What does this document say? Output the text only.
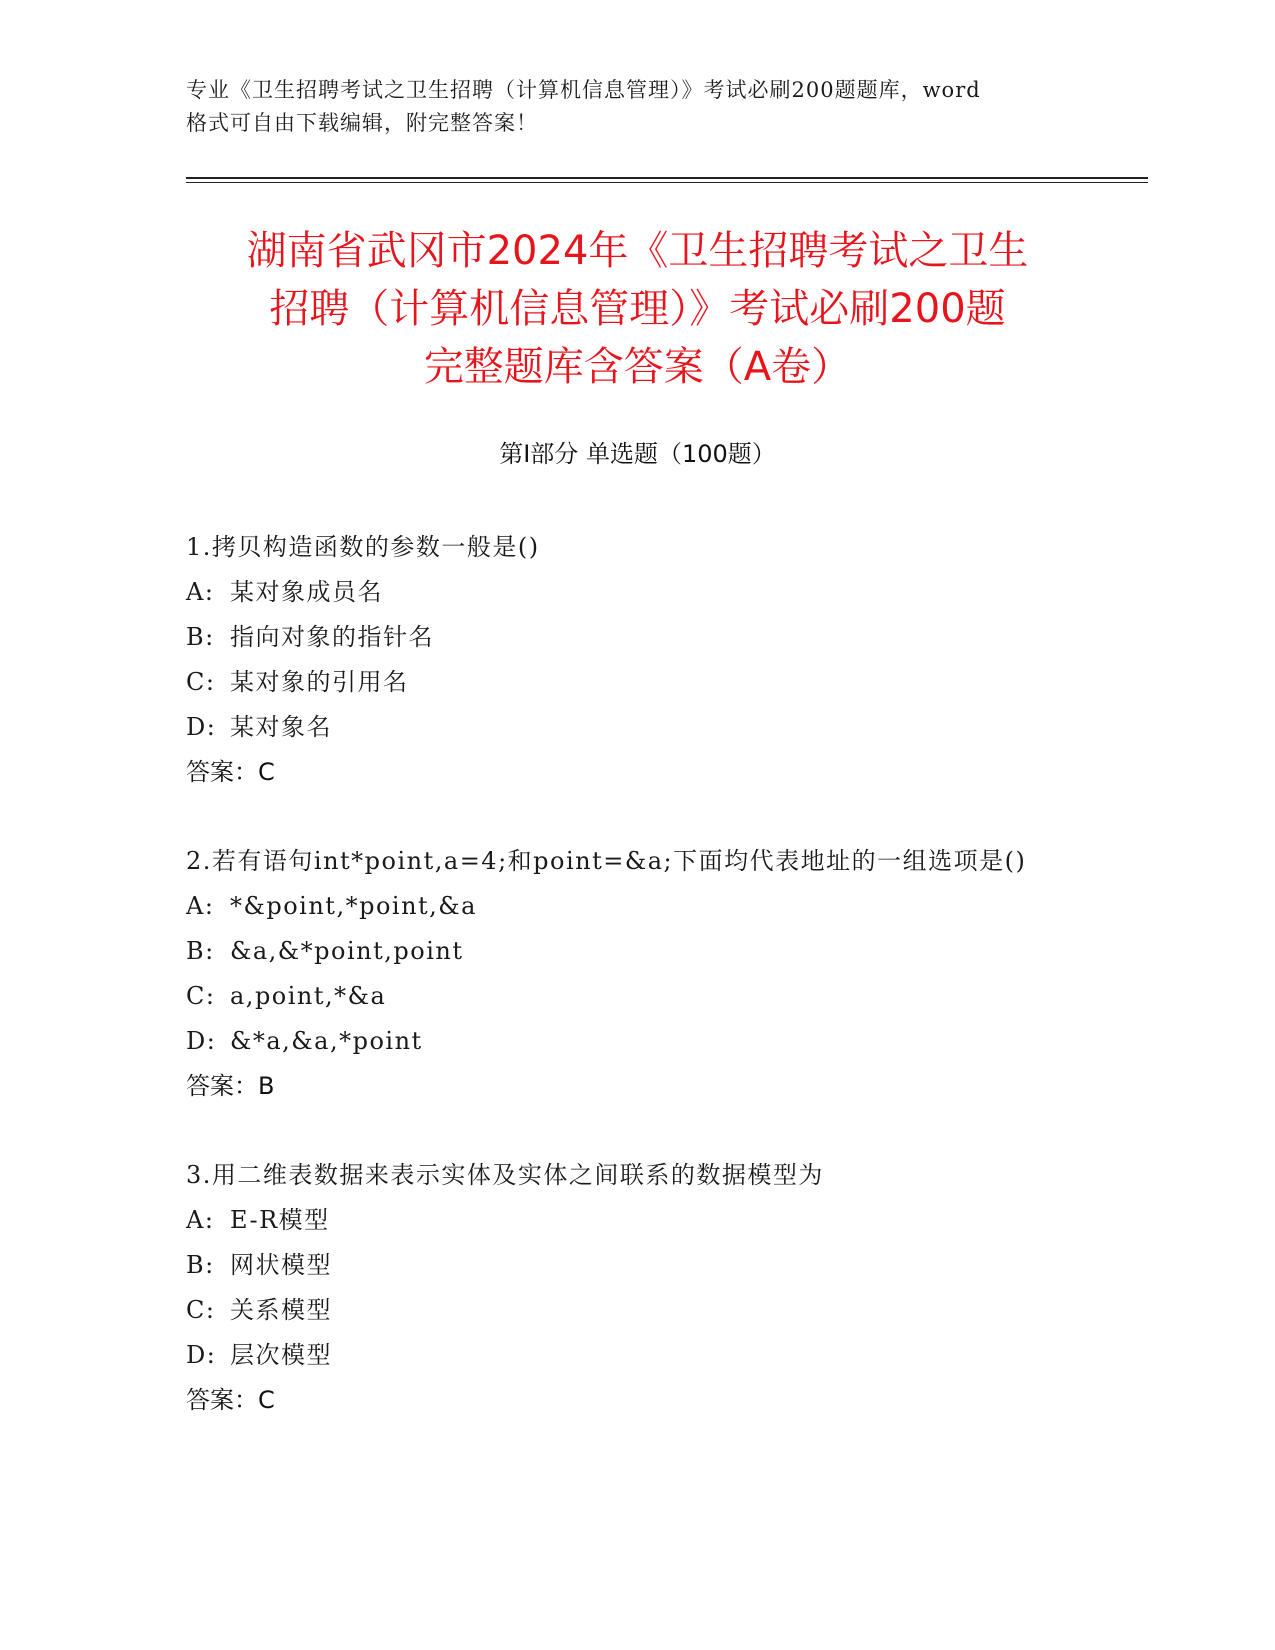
专业《卫生招聘考试之卫生招聘（计算机信息管理）》考试必刷200题题库，word
格式可自由下载编辑，附完整答案！
湖南省武冈市2024年《卫生招聘考试之卫生
招聘（计算机信息管理）》考试必刷200题
完整题库含答案（A卷）
第Ⅰ部分 单选题（100题）
1.拷贝构造函数的参数一般是()
A: 某对象成员名
B: 指向对象的指针名
C: 某对象的引用名
D: 某对象名
答案：C
2.若有语句int*point,a=4;和point=&a;下面均代表地址的一组选项是()
A: *&point,*point,&a
B: &a,&*point,point
C: a,point,*&a
D: &*a,&a,*point
答案：B
3.用二维表数据来表示实体及实体之间联系的数据模型为
A: E-R模型
B: 网状模型
C: 关系模型
D: 层次模型
答案：C
